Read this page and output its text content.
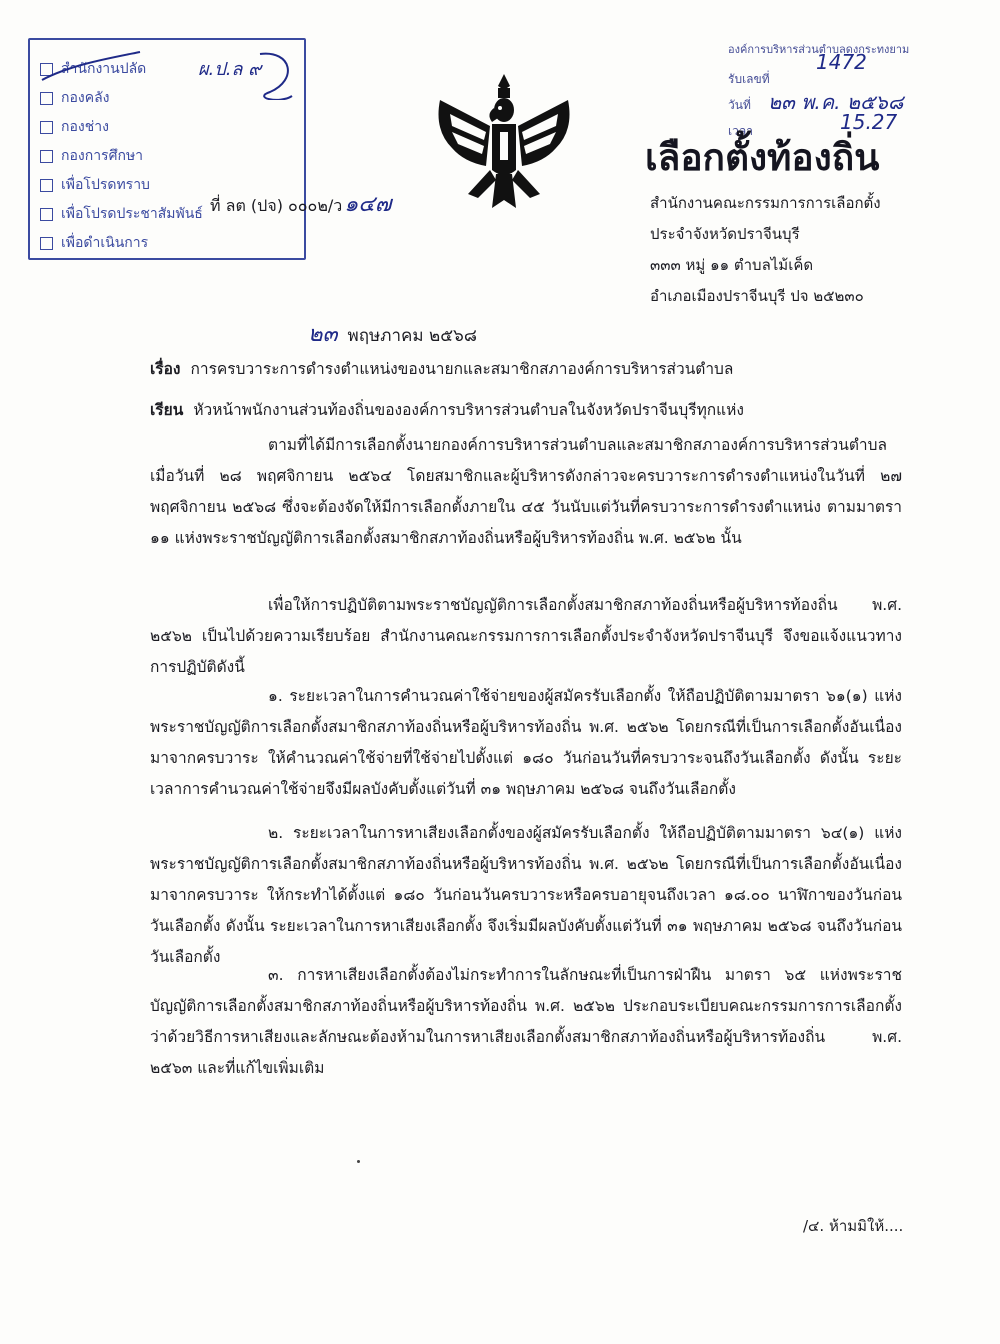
สำนักงานปลัด
กองคลัง
กองช่าง
กองการศึกษา
เพื่อโปรดทราบ
เพื่อโปรดประชาสัมพันธ์
เพื่อดำเนินการ
ผ.ป.ล ๙
ที่ ลต (ปจ) ๐๐๐๒/ว๑๔๗
องค์การบริหารส่วนตำบลดงกระทงยาม
รับเลขที่
1472
วันที่ ๒๓ พ.ค. ๒๕๖๘
เวลา	15.27
เลือกตั้งท้องถิ่น
สำนักงานคณะกรรมการการเลือกตั้ง
ประจำจังหวัดปราจีนบุรี
๓๓๓ หมู่ ๑๑ ตำบลไม้เค็ด
อำเภอเมืองปราจีนบุรี ปจ ๒๕๒๓๐
๒๓ พฤษภาคม ๒๕๖๘
เรื่อง การครบวาระการดำรงตำแหน่งของนายกและสมาชิกสภาองค์การบริหารส่วนตำบล
เรียน หัวหน้าพนักงานส่วนท้องถิ่นขององค์การบริหารส่วนตำบลในจังหวัดปราจีนบุรีทุกแห่ง

ตามที่ได้มีการเลือกตั้งนายกองค์การบริหารส่วนตำบลและสมาชิกสภาองค์การบริหารส่วนตำบล เมื่อวันที่ ๒๘ พฤศจิกายน ๒๕๖๔ โดยสมาชิกและผู้บริหารดังกล่าวจะครบวาระการดำรงตำแหน่งในวันที่ ๒๗ พฤศจิกายน ๒๕๖๘ ซึ่งจะต้องจัดให้มีการเลือกตั้งภายใน ๔๕ วันนับแต่วันที่ครบวาระการดำรงตำแหน่ง ตามมาตรา ๑๑ แห่งพระราชบัญญัติการเลือกตั้งสมาชิกสภาท้องถิ่นหรือผู้บริหารท้องถิ่น พ.ศ. ๒๕๖๒ นั้น

เพื่อให้การปฏิบัติตามพระราชบัญญัติการเลือกตั้งสมาชิกสภาท้องถิ่นหรือผู้บริหารท้องถิ่น พ.ศ. ๒๕๖๒ เป็นไปด้วยความเรียบร้อย สำนักงานคณะกรรมการการเลือกตั้งประจำจังหวัดปราจีนบุรี จึงขอแจ้งแนวทางการปฏิบัติดังนี้

๑. ระยะเวลาในการคำนวณค่าใช้จ่ายของผู้สมัครรับเลือกตั้ง ให้ถือปฏิบัติตามมาตรา ๖๑(๑) แห่งพระราชบัญญัติการเลือกตั้งสมาชิกสภาท้องถิ่นหรือผู้บริหารท้องถิ่น พ.ศ. ๒๕๖๒ โดยกรณีที่เป็นการเลือกตั้งอันเนื่องมาจากครบวาระ ให้คำนวณค่าใช้จ่ายที่ใช้จ่ายไปตั้งแต่ ๑๘๐ วันก่อนวันที่ครบวาระจนถึงวันเลือกตั้ง ดังนั้น ระยะเวลาการคำนวณค่าใช้จ่ายจึงมีผลบังคับตั้งแต่วันที่ ๓๑ พฤษภาคม ๒๕๖๘ จนถึงวันเลือกตั้ง

๒. ระยะเวลาในการหาเสียงเลือกตั้งของผู้สมัครรับเลือกตั้ง ให้ถือปฏิบัติตามมาตรา ๖๔(๑) แห่งพระราชบัญญัติการเลือกตั้งสมาชิกสภาท้องถิ่นหรือผู้บริหารท้องถิ่น พ.ศ. ๒๕๖๒ โดยกรณีที่เป็นการเลือกตั้งอันเนื่องมาจากครบวาระ ให้กระทำได้ตั้งแต่ ๑๘๐ วันก่อนวันครบวาระหรือครบอายุจนถึงเวลา ๑๘.๐๐ นาฬิกาของวันก่อนวันเลือกตั้ง ดังนั้น ระยะเวลาในการหาเสียงเลือกตั้ง จึงเริ่มมีผลบังคับตั้งแต่วันที่ ๓๑ พฤษภาคม ๒๕๖๘ จนถึงวันก่อนวันเลือกตั้ง

๓. การหาเสียงเลือกตั้งต้องไม่กระทำการในลักษณะที่เป็นการฝ่าฝืน มาตรา ๖๕ แห่งพระราชบัญญัติการเลือกตั้งสมาชิกสภาท้องถิ่นหรือผู้บริหารท้องถิ่น พ.ศ. ๒๕๖๒ ประกอบระเบียบคณะกรรมการการเลือกตั้งว่าด้วยวิธีการหาเสียงและลักษณะต้องห้ามในการหาเสียงเลือกตั้งสมาชิกสภาท้องถิ่นหรือผู้บริหารท้องถิ่น พ.ศ. ๒๕๖๓ และที่แก้ไขเพิ่มเติม

/๔. ห้ามมิให้....
